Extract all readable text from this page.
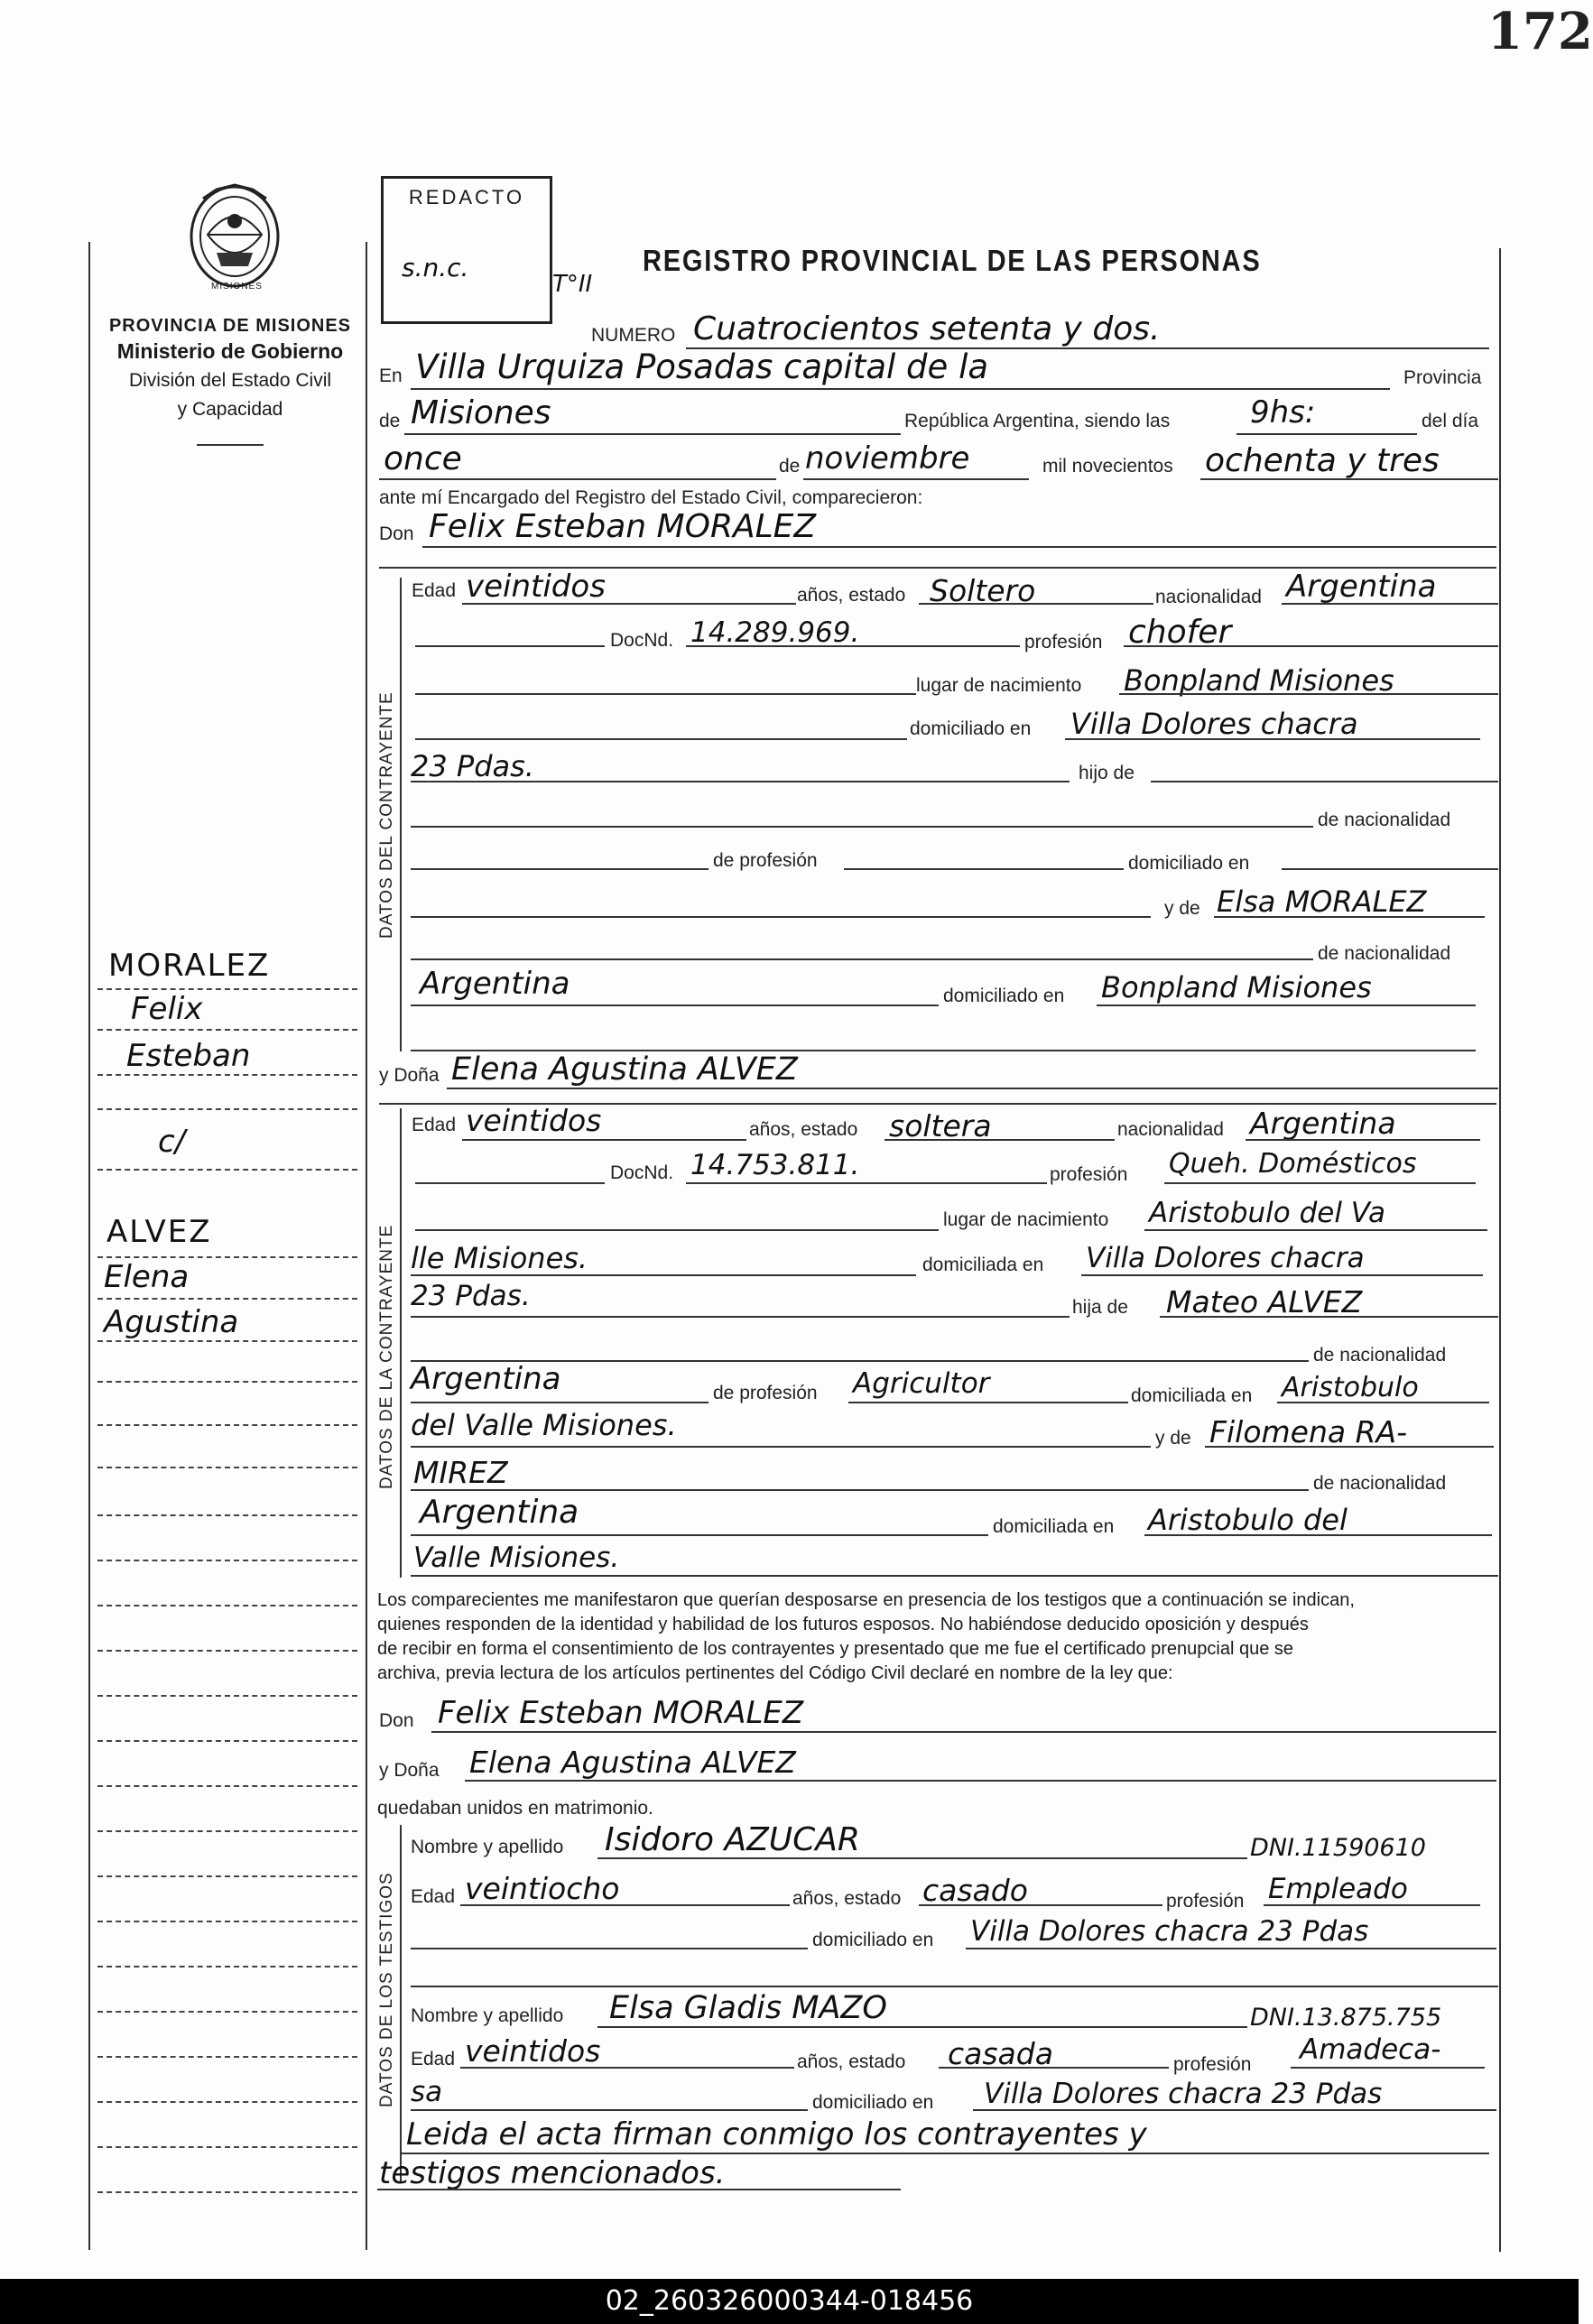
172
MISIONES
PROVINCIA DE MISIONES
Ministerio de Gobierno
División del Estado Civil
y Capacidad
REDACTO
s.n.c.
T°II
REGISTRO PROVINCIAL DE LAS PERSONAS
NUMERO Cuatrocientos setenta y dos.
En Villa Urquiza Posadas capital de la	Provincia
de Misiones	República Argentina, siendo las	9hs:	del día
once	de noviembre	mil novecientos ochenta y tres
ante mí Encargado del Registro del Estado Civil, comparecieron:
Don Felix Esteban MORALEZ
DATOS DEL CONTRAYENTE
Edad veintidos	años, estado Soltero	nacionalidad Argentina
DocNd. 14.289.969.	profesión chofer
lugar de nacimiento Bonpland Misiones
domiciliado en Villa Dolores chacra
23 Pdas.	hijo de
de nacionalidad
de profesión	domiciliado en
y de Elsa MORALEZ
de nacionalidad
Argentina	domiciliado en Bonpland Misiones
y Doña Elena Agustina ALVEZ
DATOS DE LA CONTRAYENTE
Edad veintidos	años, estado soltera	nacionalidad Argentina
DocNd. 14.753.811.	profesión Queh. Domésticos
lugar de nacimiento Aristobulo del Va
lle Misiones.	domiciliada en Villa Dolores chacra
23 Pdas.	hija de Mateo ALVEZ
de nacionalidad
Argentina	de profesión Agricultor	domiciliada en Aristobulo
del Valle Misiones.	y de Filomena RA-
MIREZ	de nacionalidad
Argentina	domiciliada en Aristobulo del
Valle Misiones.
Los comparecientes me manifestaron que querían desposarse en presencia de los testigos que a continuación se indican,
quienes responden de la identidad y habilidad de los futuros esposos. No habiéndose deducido oposición y después
de recibir en forma el consentimiento de los contrayentes y presentado que me fue el certificado prenupcial que se
archiva, previa lectura de los artículos pertinentes del Código Civil declaré en nombre de la ley que:
Don Felix Esteban MORALEZ
y Doña Elena Agustina ALVEZ
quedaban unidos en matrimonio.
DATOS DE LOS TESTIGOS
Nombre y apellido Isidoro AZUCAR	DNI.11590610
Edad veintiocho	años, estado casado	profesión Empleado
domiciliado en Villa Dolores chacra 23 Pdas
Nombre y apellido Elsa Gladis MAZO	DNI.13.875.755
Edad veintidos	años, estado casada	profesión Amadeca-
sa	domiciliado en Villa Dolores chacra 23 Pdas
Leida el acta firman conmigo los contrayentes y
testigos mencionados.
MORALEZ
Felix
Esteban
c/
ALVEZ
Elena
Agustina
02_260326000344-018456
